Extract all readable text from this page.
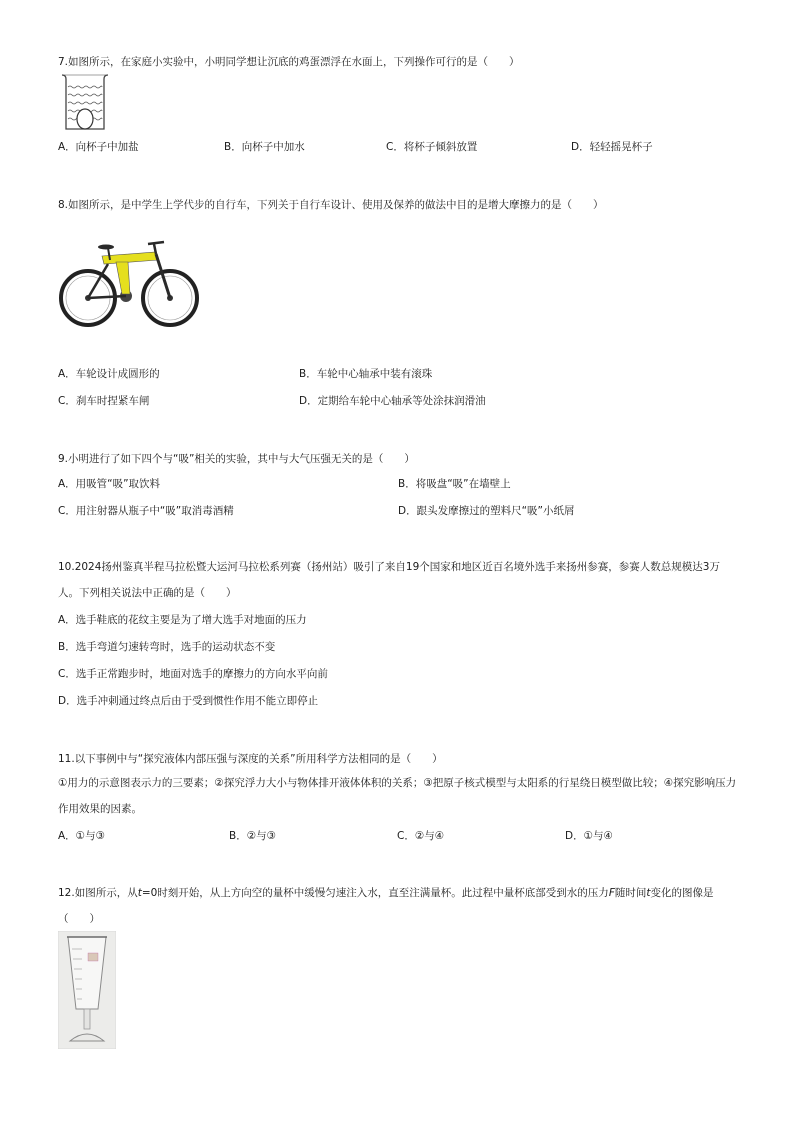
7.如图所示，在家庭小实验中，小明同学想让沉底的鸡蛋漂浮在水面上，下列操作可行的是（　　）
A．向杯子中加盐	B．向杯子中加水	C．将杯子倾斜放置	D．轻轻摇晃杯子
8.如图所示，是中学生上学代步的自行车，下列关于自行车设计、使用及保养的做法中目的是增大摩擦力的是（　　）
A．车轮设计成圆形的	B．车轮中心轴承中装有滚珠
C．刹车时捏紧车闸	D．定期给车轮中心轴承等处涂抹润滑油
9.小明进行了如下四个与“吸”相关的实验，其中与大气压强无关的是（　　）
A．用吸管“吸”取饮料	B．将吸盘“吸”在墙壁上
C．用注射器从瓶子中“吸”取消毒酒精	D．跟头发摩擦过的塑料尺“吸”小纸屑
10.2024扬州鉴真半程马拉松暨大运河马拉松系列赛（扬州站）吸引了来自19个国家和地区近百名境外选手来扬州参赛，参赛人数总规模达3万人。下列相关说法中正确的是（　　）
A．选手鞋底的花纹主要是为了增大选手对地面的压力
B．选手弯道匀速转弯时，选手的运动状态不变
C．选手正常跑步时，地面对选手的摩擦力的方向水平向前
D．选手冲刺通过终点后由于受到惯性作用不能立即停止
11.以下事例中与“探究液体内部压强与深度的关系”所用科学方法相同的是（　　）
①用力的示意图表示力的三要素；②探究浮力大小与物体排开液体体积的关系；③把原子核式模型与太阳系的行星绕日模型做比较；④探究影响压力作用效果的因素。
A．①与③	B．②与③	C．②与④	D．①与④
12.如图所示，从t=0时刻开始，从上方向空的量杯中缓慢匀速注入水，直至注满量杯。此过程中量杯底部受到水的压力F随时间t变化的图像是（　　）
